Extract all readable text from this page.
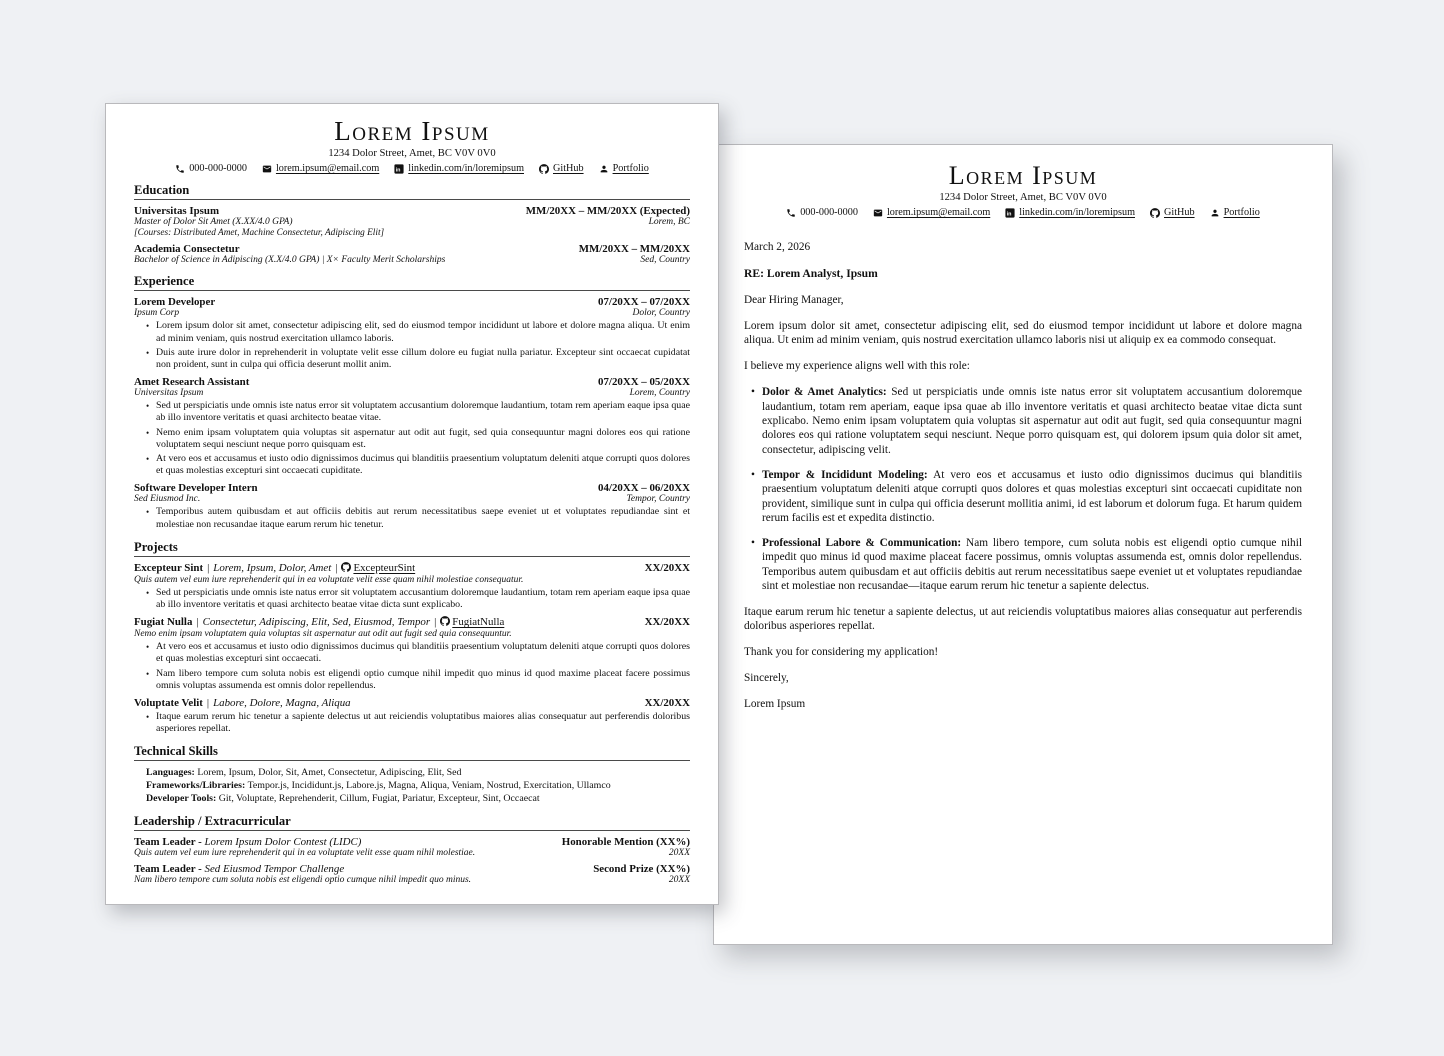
Lorem Ipsum
1234 Dolor Street, Amet, BC V0V 0V0
000-000-0000	lorem.ipsum@email.com in linkedin.com/in/loremipsum	GitHub	Portfolio
Education
Universitas Ipsum	MM/20XX – MM/20XX (Expected)
Master of Dolor Sit Amet (X.XX/4.0 GPA)	Lorem, BC
[Courses: Distributed Amet, Machine Consectetur, Adipiscing Elit]
Academia Consectetur	MM/20XX – MM/20XX
Bachelor of Science in Adipiscing (X.X/4.0 GPA) | X× Faculty Merit Scholarships	Sed, Country
Experience
Lorem Developer	07/20XX – 07/20XX
Ipsum Corp	Dolor, Country
• Lorem ipsum dolor sit amet, consectetur adipiscing elit, sed do eiusmod tempor incididunt ut labore et dolore magna aliqua. Ut enim ad minim veniam, quis nostrud exercitation ullamco laboris.
• Duis aute irure dolor in reprehenderit in voluptate velit esse cillum dolore eu fugiat nulla pariatur. Excepteur sint occaecat cupidatat non proident, sunt in culpa qui officia deserunt mollit anim.
Amet Research Assistant	07/20XX – 05/20XX
Universitas Ipsum	Lorem, Country
• Sed ut perspiciatis unde omnis iste natus error sit voluptatem accusantium doloremque laudantium, totam rem aperiam eaque ipsa quae ab illo inventore veritatis et quasi architecto beatae vitae.
• Nemo enim ipsam voluptatem quia voluptas sit aspernatur aut odit aut fugit, sed quia consequuntur magni dolores eos qui ratione voluptatem sequi nesciunt neque porro quisquam est.
• At vero eos et accusamus et iusto odio dignissimos ducimus qui blanditiis praesentium voluptatum deleniti atque corrupti quos dolores et quas molestias excepturi sint occaecati cupiditate.
Software Developer Intern	04/20XX – 06/20XX
Sed Eiusmod Inc.	Tempor, Country
• Temporibus autem quibusdam et aut officiis debitis aut rerum necessitatibus saepe eveniet ut et voluptates repudiandae sint et molestiae non recusandae itaque earum rerum hic tenetur.
Projects
Excepteur Sint | Lorem, Ipsum, Dolor, Amet | ExcepteurSint	XX/20XX
Quis autem vel eum iure reprehenderit qui in ea voluptate velit esse quam nihil molestiae consequatur.
• Sed ut perspiciatis unde omnis iste natus error sit voluptatem accusantium doloremque laudantium, totam rem aperiam eaque ipsa quae ab illo inventore veritatis et quasi architecto beatae vitae dicta sunt explicabo.
Fugiat Nulla | Consectetur, Adipiscing, Elit, Sed, Eiusmod, Tempor | FugiatNulla	XX/20XX
Nemo enim ipsam voluptatem quia voluptas sit aspernatur aut odit aut fugit sed quia consequuntur.
• At vero eos et accusamus et iusto odio dignissimos ducimus qui blanditiis praesentium voluptatum deleniti atque corrupti quos dolores et quas molestias excepturi sint occaecati.
• Nam libero tempore cum soluta nobis est eligendi optio cumque nihil impedit quo minus id quod maxime placeat facere possimus omnis voluptas assumenda est omnis dolor repellendus.
Voluptate Velit | Labore, Dolore, Magna, Aliqua	XX/20XX
• Itaque earum rerum hic tenetur a sapiente delectus ut aut reiciendis voluptatibus maiores alias consequatur aut perferendis doloribus asperiores repellat.
Technical Skills
Languages: Lorem, Ipsum, Dolor, Sit, Amet, Consectetur, Adipiscing, Elit, Sed
Frameworks/Libraries: Tempor.js, Incididunt.js, Labore.js, Magna, Aliqua, Veniam, Nostrud, Exercitation, Ullamco
Developer Tools: Git, Voluptate, Reprehenderit, Cillum, Fugiat, Pariatur, Excepteur, Sint, Occaecat
Leadership / Extracurricular
Team Leader - Lorem Ipsum Dolor Contest (LIDC)	Honorable Mention (XX%)
Quis autem vel eum iure reprehenderit qui in ea voluptate velit esse quam nihil molestiae.	20XX
Team Leader - Sed Eiusmod Tempor Challenge	Second Prize (XX%)
Nam libero tempore cum soluta nobis est eligendi optio cumque nihil impedit quo minus.	20XX
Lorem Ipsum
1234 Dolor Street, Amet, BC V0V 0V0
000-000-0000	lorem.ipsum@email.com in linkedin.com/in/loremipsum	GitHub	Portfolio
March 2, 2026
RE: Lorem Analyst, Ipsum

Dear Hiring Manager,

Lorem ipsum dolor sit amet, consectetur adipiscing elit, sed do eiusmod tempor incididunt ut labore et dolore magna aliqua. Ut enim ad minim veniam, quis nostrud exercitation ullamco laboris nisi ut aliquip ex ea commodo consequat.

I believe my experience aligns well with this role:

• Dolor & Amet Analytics: Sed ut perspiciatis unde omnis iste natus error sit voluptatem accusantium doloremque laudantium, totam rem aperiam, eaque ipsa quae ab illo inventore veritatis et quasi architecto beatae vitae dicta sunt explicabo. Nemo enim ipsam voluptatem quia voluptas sit aspernatur aut odit aut fugit, sed quia consequuntur magni dolores eos qui ratione voluptatem sequi nesciunt. Neque porro quisquam est, qui dolorem ipsum quia dolor sit amet, consectetur, adipiscing velit.
• Tempor & Incididunt Modeling: At vero eos et accusamus et iusto odio dignissimos ducimus qui blanditiis praesentium voluptatum deleniti atque corrupti quos dolores et quas molestias excepturi sint occaecati cupiditate non provident, similique sunt in culpa qui officia deserunt mollitia animi, id est laborum et dolorum fuga. Et harum quidem rerum facilis est et expedita distinctio.
• Professional Labore & Communication: Nam libero tempore, cum soluta nobis est eligendi optio cumque nihil impedit quo minus id quod maxime placeat facere possimus, omnis voluptas assumenda est, omnis dolor repellendus. Temporibus autem quibusdam et aut officiis debitis aut rerum necessitatibus saepe eveniet ut et voluptates repudiandae sint et molestiae non recusandae—itaque earum rerum hic tenetur a sapiente delectus.

Itaque earum rerum hic tenetur a sapiente delectus, ut aut reiciendis voluptatibus maiores alias consequatur aut perferendis doloribus asperiores repellat.

Thank you for considering my application!

Sincerely,

Lorem Ipsum
